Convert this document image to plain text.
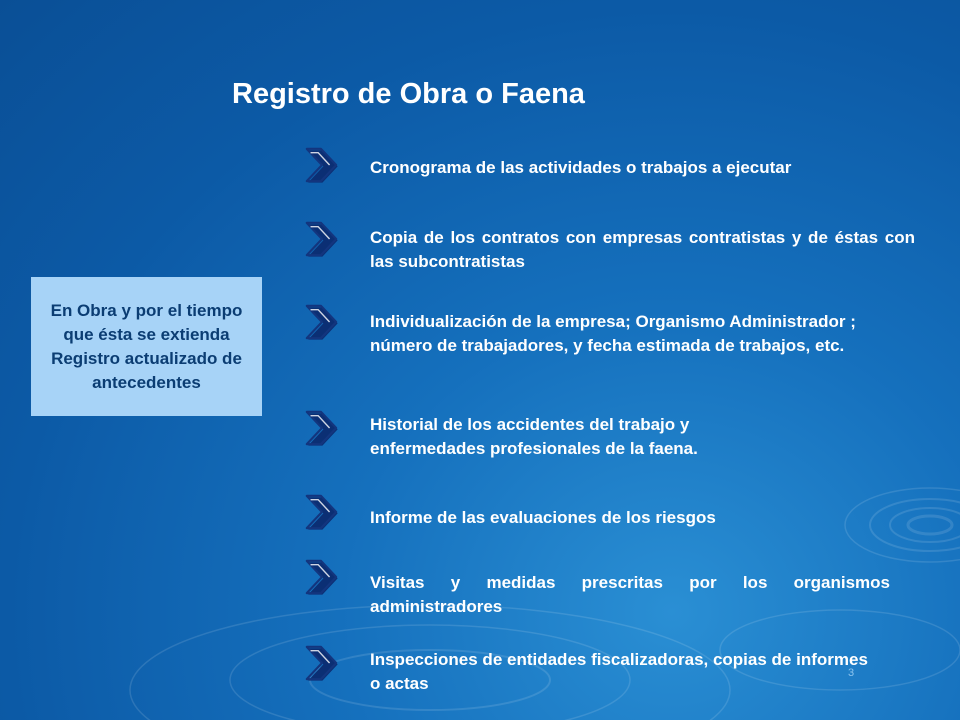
Registro de Obra o Faena
En Obra y por el tiempo que ésta se extienda Registro actualizado de antecedentes

Cronograma de las actividades o trabajos a ejecutar

Copia de los contratos con empresas contratistas y de éstas con las subcontratistas

Individualización de la empresa; Organismo Administrador ; número de trabajadores, y fecha estimada de trabajos, etc.

Historial de los accidentes del trabajo y enfermedades profesionales de la faena.

Informe de las evaluaciones de los riesgos

Visitas y medidas prescritas por los organismos administradores

Inspecciones de entidades fiscalizadoras, copias de informes o actas

3
